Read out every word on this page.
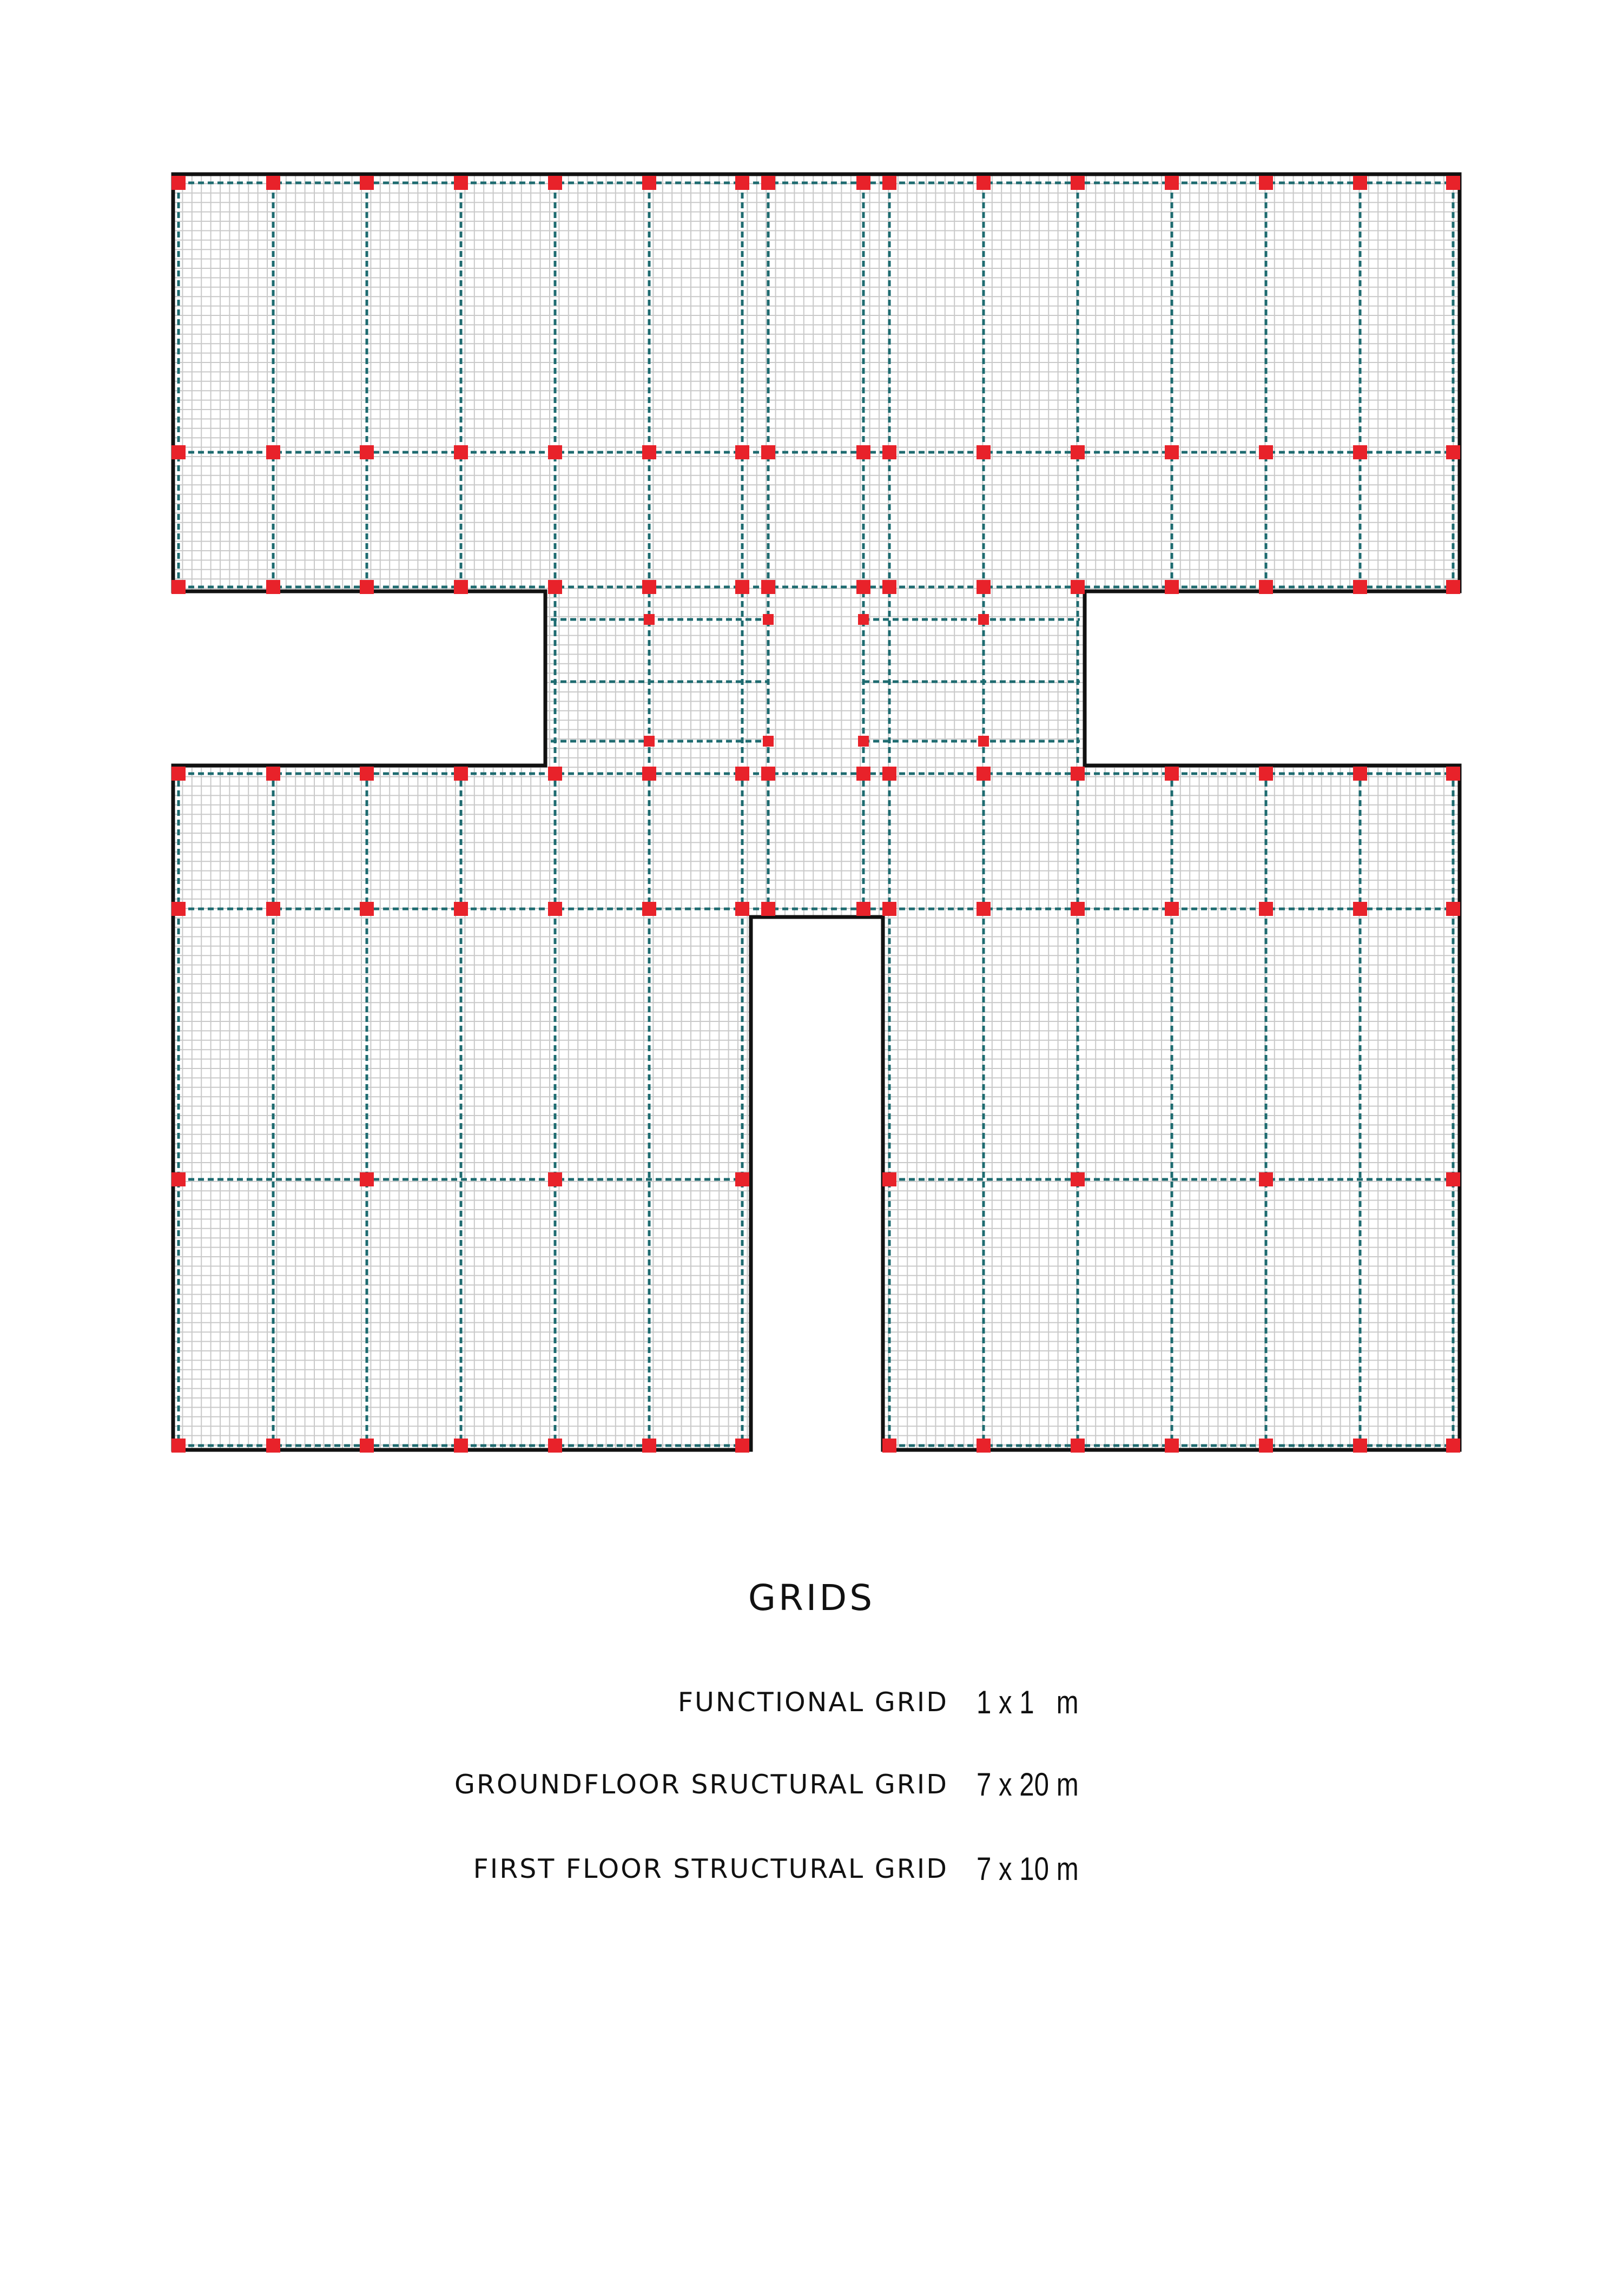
GRIDS
FUNCTIONAL GRID 1 x 1   m
GROUNDFLOOR SRUCTURAL GRID 7 x 20 m
FIRST FLOOR STRUCTURAL GRID 7 x 10 m
